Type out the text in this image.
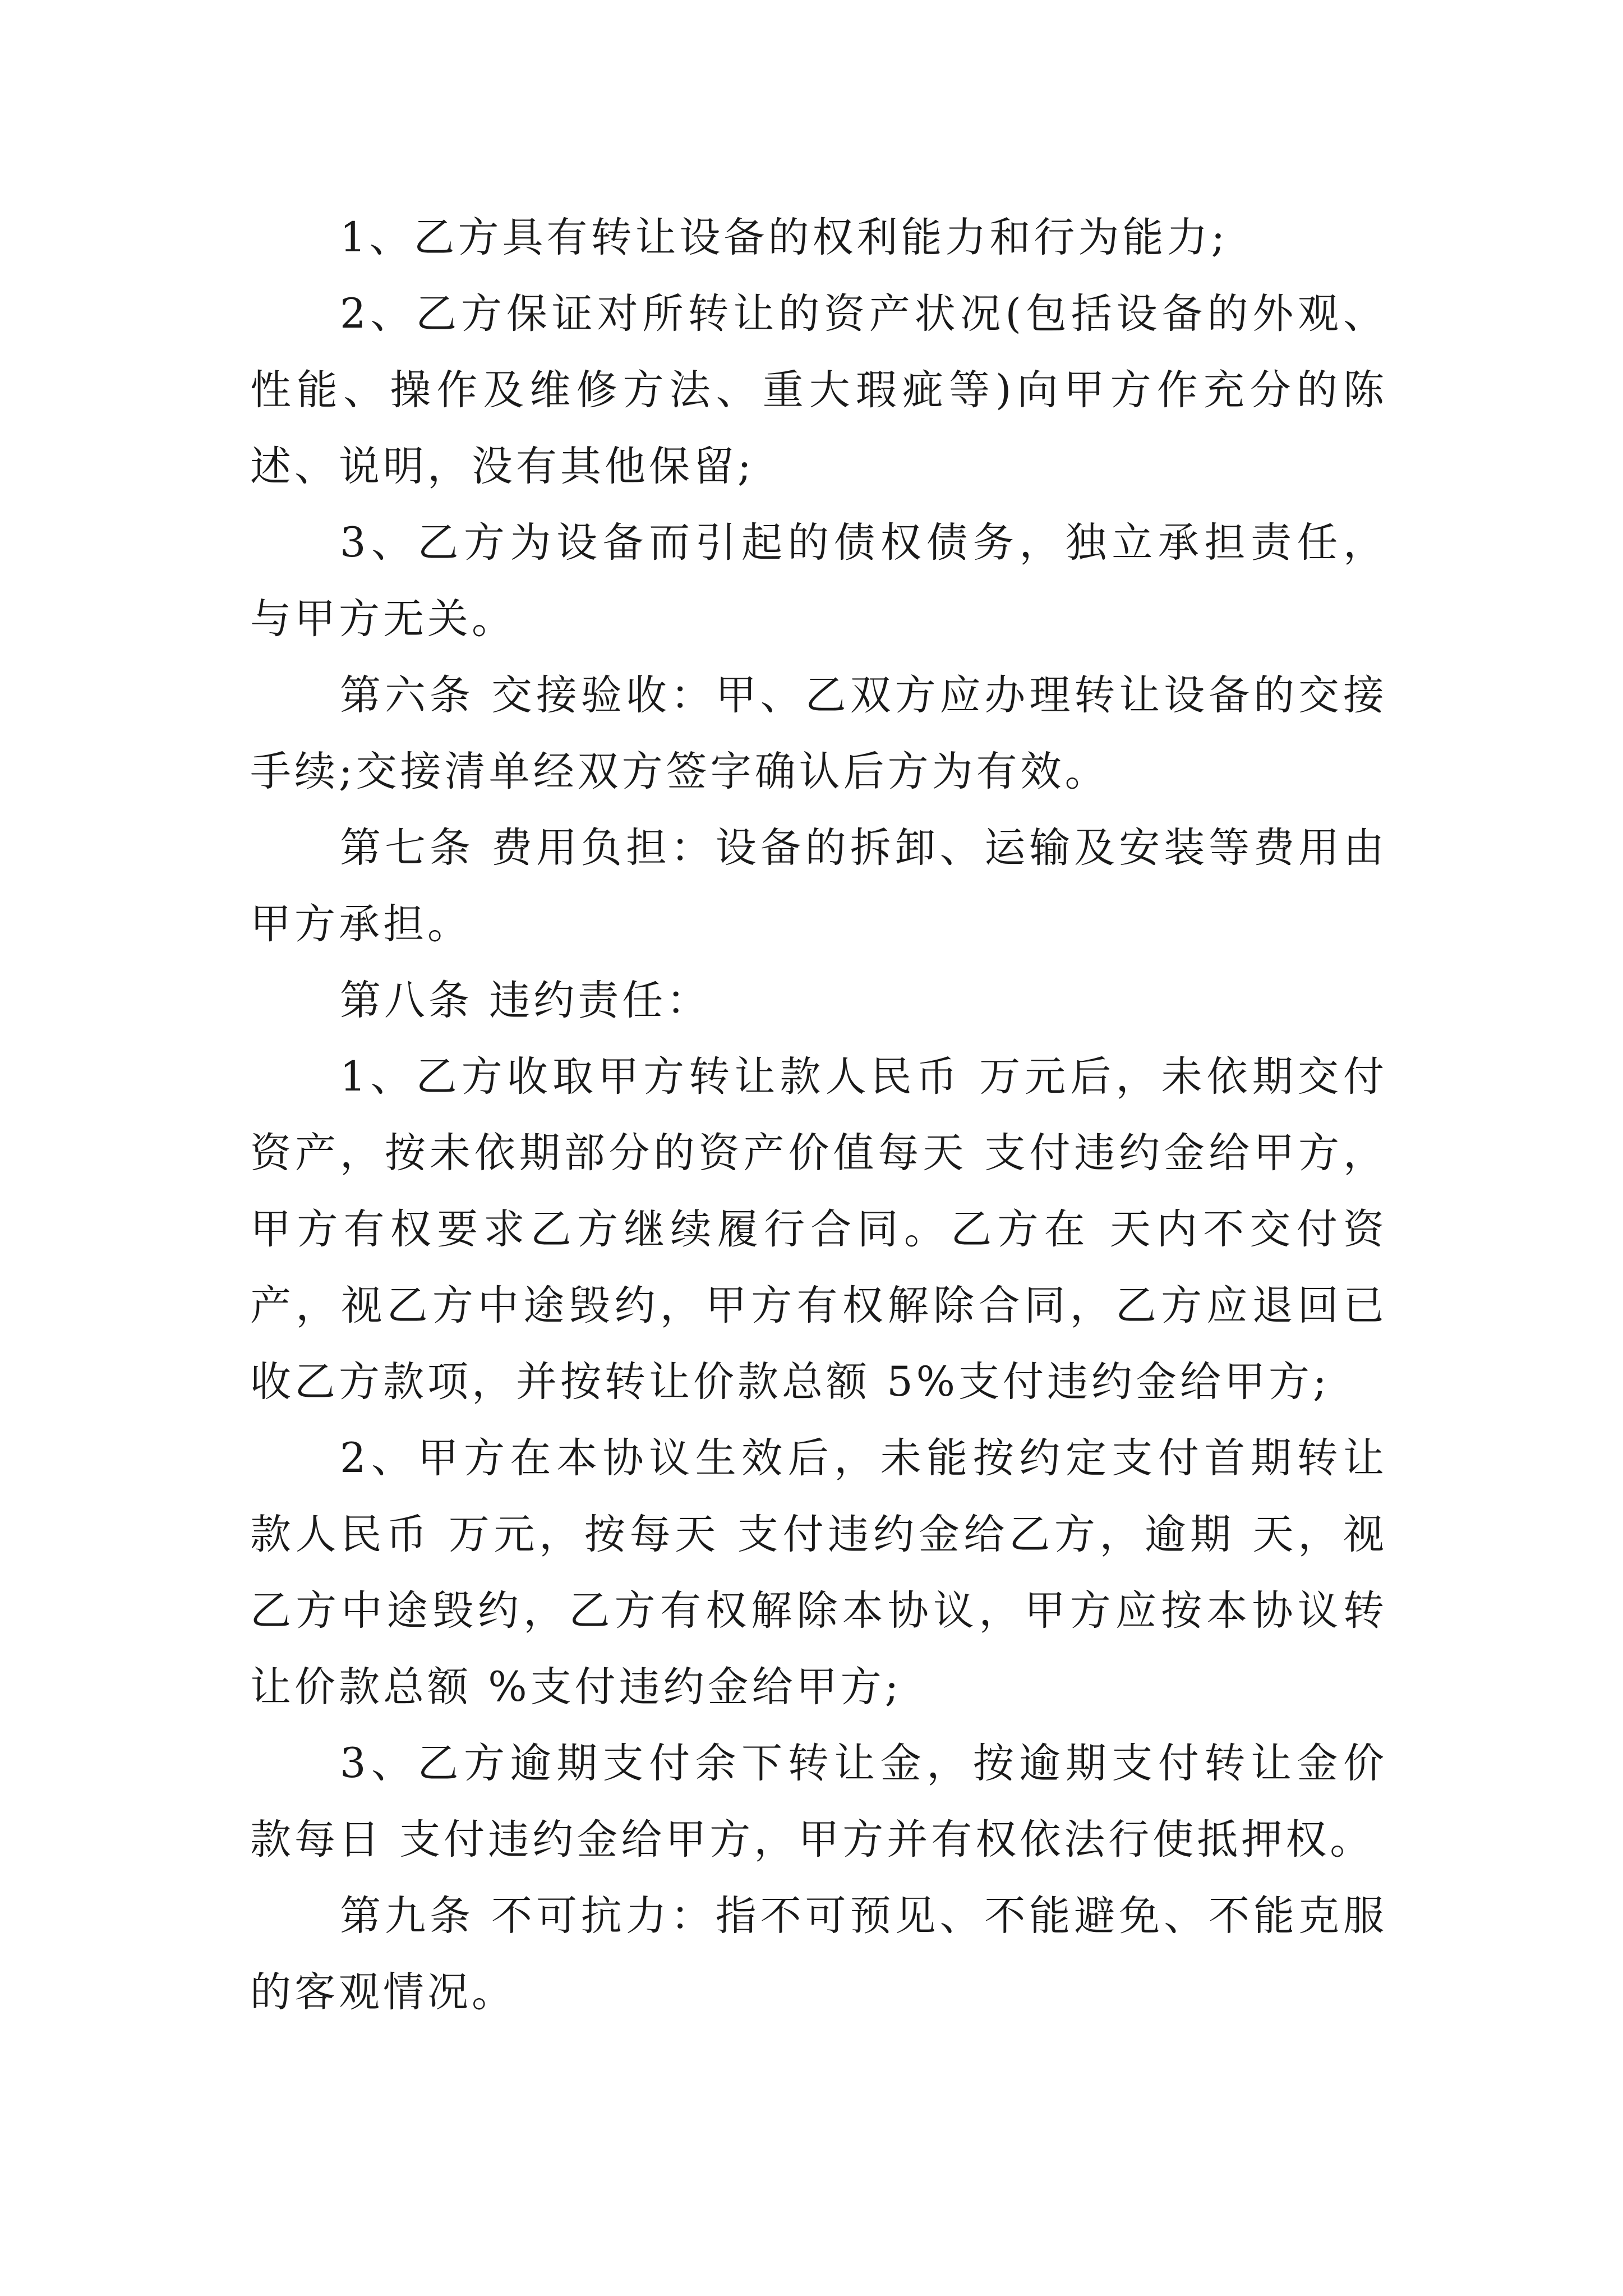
1、乙方具有转让设备的权利能力和行为能力;

2、乙方保证对所转让的资产状况(包括设备的外观、性能、操作及维修方法、重大瑕疵等)向甲方作充分的陈述、说明，没有其他保留;

3、乙方为设备而引起的债权债务，独立承担责任，与甲方无关。

第六条 交接验收：甲、乙双方应办理转让设备的交接手续;交接清单经双方签字确认后方为有效。

第七条 费用负担：设备的拆卸、运输及安装等费用由甲方承担。

第八条 违约责任：

1、乙方收取甲方转让款人民币 万元后，未依期交付资产，按未依期部分的资产价值每天 支付违约金给甲方，甲方有权要求乙方继续履行合同。乙方在 天内不交付资产，视乙方中途毁约，甲方有权解除合同，乙方应退回已收乙方款项，并按转让价款总额 5%支付违约金给甲方;

2、甲方在本协议生效后，未能按约定支付首期转让款人民币 万元，按每天 支付违约金给乙方，逾期 天，视乙方中途毁约，乙方有权解除本协议，甲方应按本协议转让价款总额 %支付违约金给甲方;

3、乙方逾期支付余下转让金，按逾期支付转让金价款每日 支付违约金给甲方，甲方并有权依法行使抵押权。

第九条 不可抗力：指不可预见、不能避免、不能克服的客观情况。
